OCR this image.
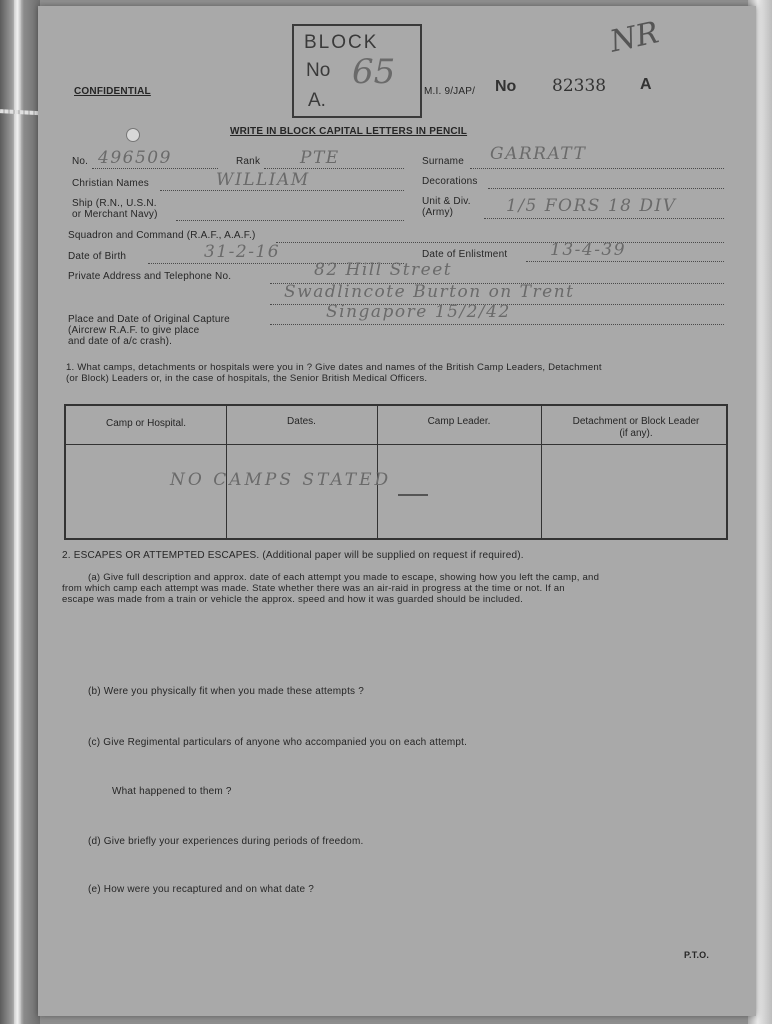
CONFIDENTIAL
BLOCK
No
A.
65	M.I. 9/JAP/ No 82338 A
NR
WRITE IN BLOCK CAPITAL LETTERS IN PENCIL
No. 496509	Rank PTE	Surname GARRATT
Christian Names	WILLIAM	Decorations
Ship (R.N., U.S.N.
or Merchant Navy)
Unit & Div.
(Army)	1/5 FORS 18 DIV
Squadron and Command (R.A.F., A.A.F.)
Date of Birth	31-2-16	Date of Enlistment	13-4-39
Private Address and Telephone No.	82 Hill Street
Swadlincote Burton on Trent
Place and Date of Original Capture
(Aircrew R.A.F. to give place
and date of a/c crash).
Singapore 15/2/42
1. What camps, detachments or hospitals were you in ? Give dates and names of the British Camp Leaders, Detachment
(or Block) Leaders or, in the case of hospitals, the Senior British Medical Officers.
Camp or Hospital.	Dates.	Camp Leader.	Detachment or Block Leader (if any).
NO CAMPS STATED
2. ESCAPES OR ATTEMPTED ESCAPES. (Additional paper will be supplied on request if required).
(a) Give full description and approx. date of each attempt you made to escape, showing how you left the camp, and
from which camp each attempt was made. State whether there was an air-raid in progress at the time or not. If an
escape was made from a train or vehicle the approx. speed and how it was guarded should be included.
(b) Were you physically fit when you made these attempts ?
(c) Give Regimental particulars of anyone who accompanied you on each attempt.
What happened to them ?
(d) Give briefly your experiences during periods of freedom.
(e) How were you recaptured and on what date ?
P.T.O.
